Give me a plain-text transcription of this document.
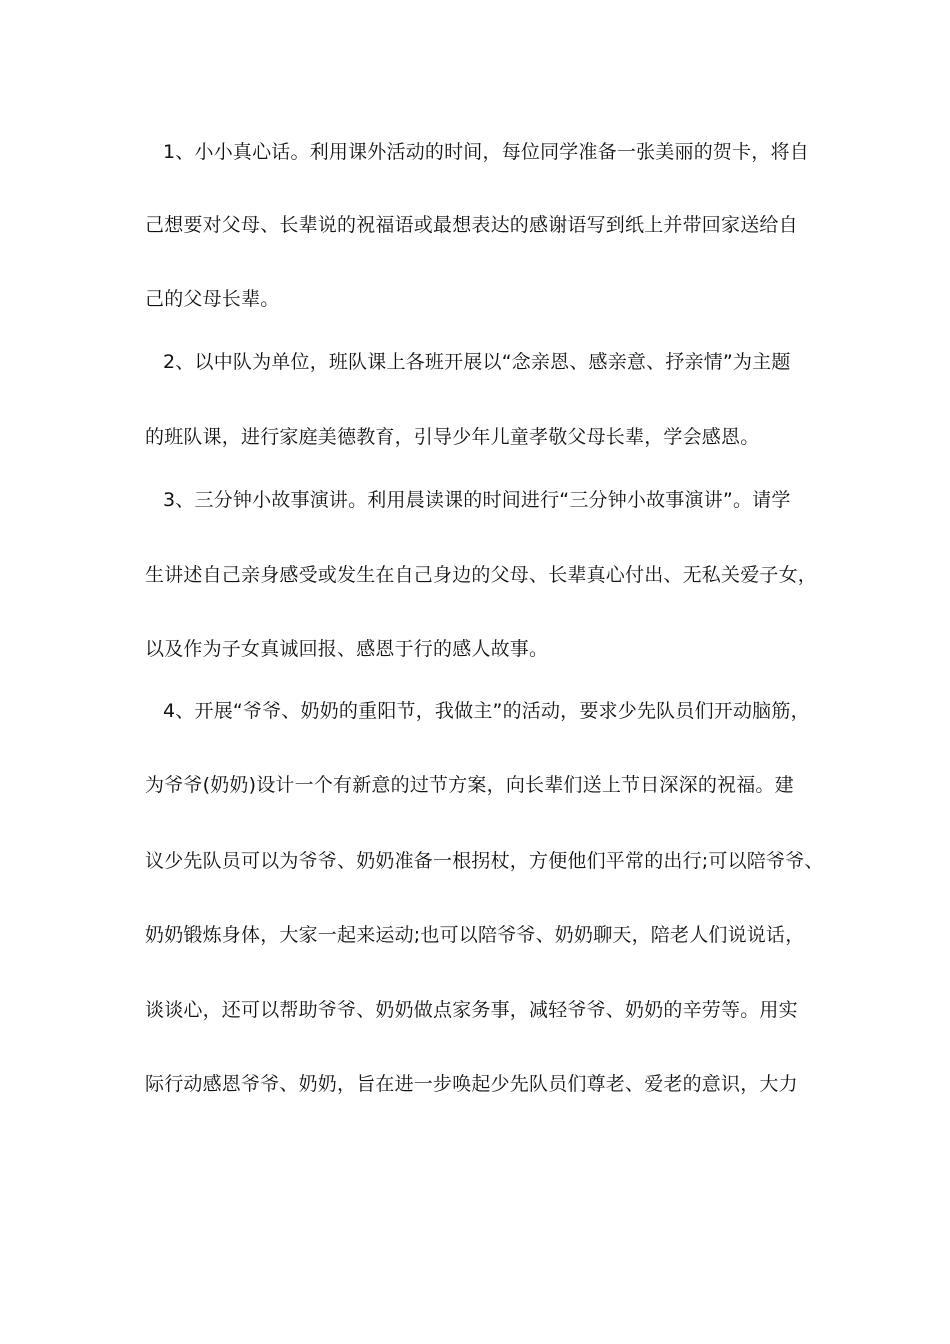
1、小小真心话。利用课外活动的时间，每位同学准备一张美丽的贺卡，将自
己想要对父母、长辈说的祝福语或最想表达的感谢语写到纸上并带回家送给自
己的父母长辈。
2、以中队为单位，班队课上各班开展以“念亲恩、感亲意、抒亲情”为主题
的班队课，进行家庭美德教育，引导少年儿童孝敬父母长辈，学会感恩。
3、三分钟小故事演讲。利用晨读课的时间进行“三分钟小故事演讲”。请学
生讲述自己亲身感受或发生在自己身边的父母、长辈真心付出、无私关爱子女，
以及作为子女真诚回报、感恩于行的感人故事。
4、开展“爷爷、奶奶的重阳节，我做主”的活动，要求少先队员们开动脑筋，
为爷爷(奶奶)设计一个有新意的过节方案，向长辈们送上节日深深的祝福。建
议少先队员可以为爷爷、奶奶准备一根拐杖，方便他们平常的出行;可以陪爷爷、
奶奶锻炼身体，大家一起来运动;也可以陪爷爷、奶奶聊天，陪老人们说说话，
谈谈心，还可以帮助爷爷、奶奶做点家务事，减轻爷爷、奶奶的辛劳等。用实
际行动感恩爷爷、奶奶，旨在进一步唤起少先队员们尊老、爱老的意识，大力
